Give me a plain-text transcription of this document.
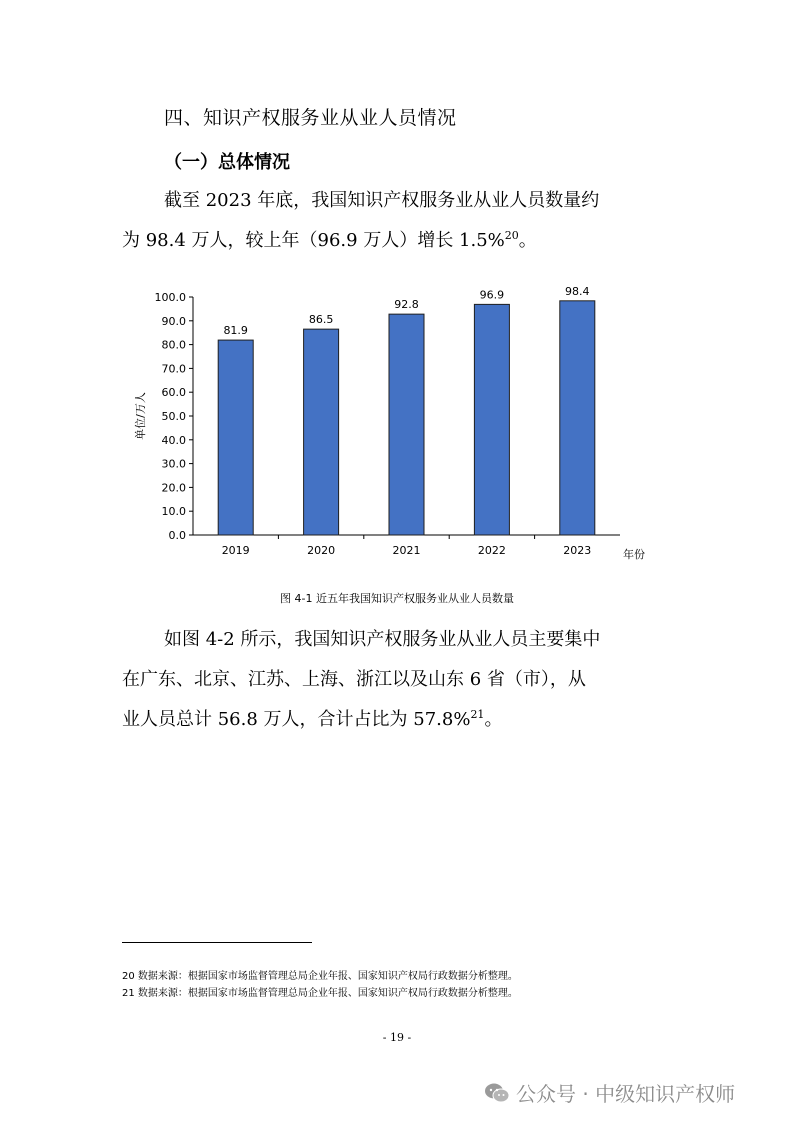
四、知识产权服务业从业人员情况
（一）总体情况
截至 2023 年底，我国知识产权服务业从业人员数量约
为 98.4 万人，较上年（96.9 万人）增长 1.5%$^{20}$。
0.0
10.0
20.0
30.0
40.0
50.0
60.0
70.0
80.0
90.0
100.0
81.9
2019
86.5
2020
92.8
2021
96.9
2022
98.4
2023
单位/万人
年份
图 4-1 近五年我国知识产权服务业从业人员数量
如图 4-2 所示，我国知识产权服务业从业人员主要集中
在广东、北京、江苏、上海、浙江以及山东 6 省（市），从
业人员总计 56.8 万人，合计占比为 57.8%$^{21}$。
20 数据来源：根据国家市场监督管理总局企业年报、国家知识产权局行政数据分析整理。
21 数据来源：根据国家市场监督管理总局企业年报、国家知识产权局行政数据分析整理。
- 19 -
公众号 · 中级知识产权师
